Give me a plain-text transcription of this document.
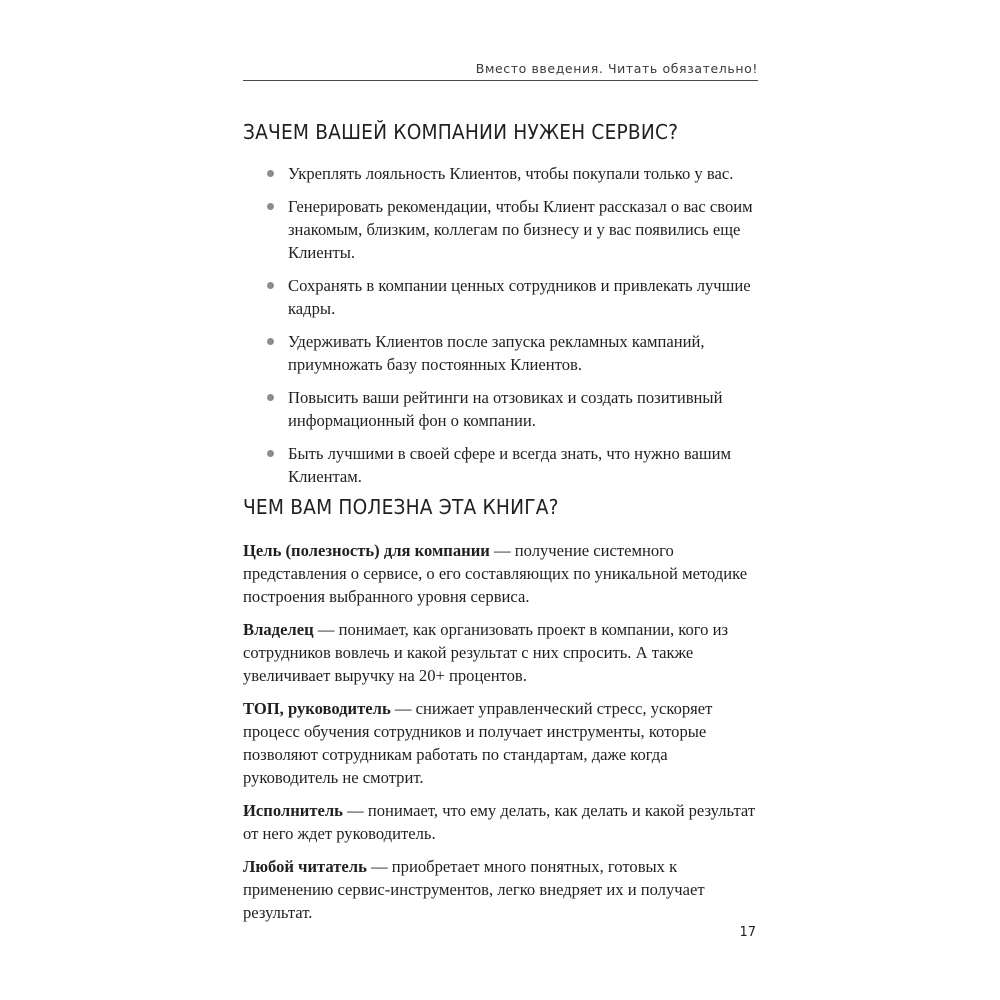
Вместо введения. Читать обязательно!
ЗАЧЕМ ВАШЕЙ КОМПАНИИ НУЖЕН СЕРВИС?
Укреплять лояльность Клиентов, чтобы покупали только у вас.
Генерировать рекомендации, чтобы Клиент рассказал о вас своим знакомым, близким, коллегам по бизнесу и у вас появились еще Клиенты.
Сохранять в компании ценных сотрудников и привлекать лучшие кадры.
Удерживать Клиентов после запуска рекламных кампаний, приумножать базу постоянных Клиентов.
Повысить ваши рейтинги на отзовиках и создать позитивный информационный фон о компании.
Быть лучшими в своей сфере и всегда знать, что нужно вашим Клиентам.
ЧЕМ ВАМ ПОЛЕЗНА ЭТА КНИГА?

Цель (полезность) для компании — получение системного представления о сервисе, о его составляющих по уникальной методике построения выбранного уровня сервиса.

Владелец — понимает, как организовать проект в компании, кого из сотрудников вовлечь и какой результат с них спросить. А также увеличивает выручку на 20+ процентов.

ТОП, руководитель — снижает управленческий стресс, ускоряет процесс обучения сотрудников и получает инструменты, которые позволяют сотрудникам работать по стандартам, даже когда руководитель не смотрит.

Исполнитель — понимает, что ему делать, как делать и какой результат от него ждет руководитель.

Любой читатель — приобретает много понятных, готовых к применению сервис-инструментов, легко внедряет их и получает результат.

17
